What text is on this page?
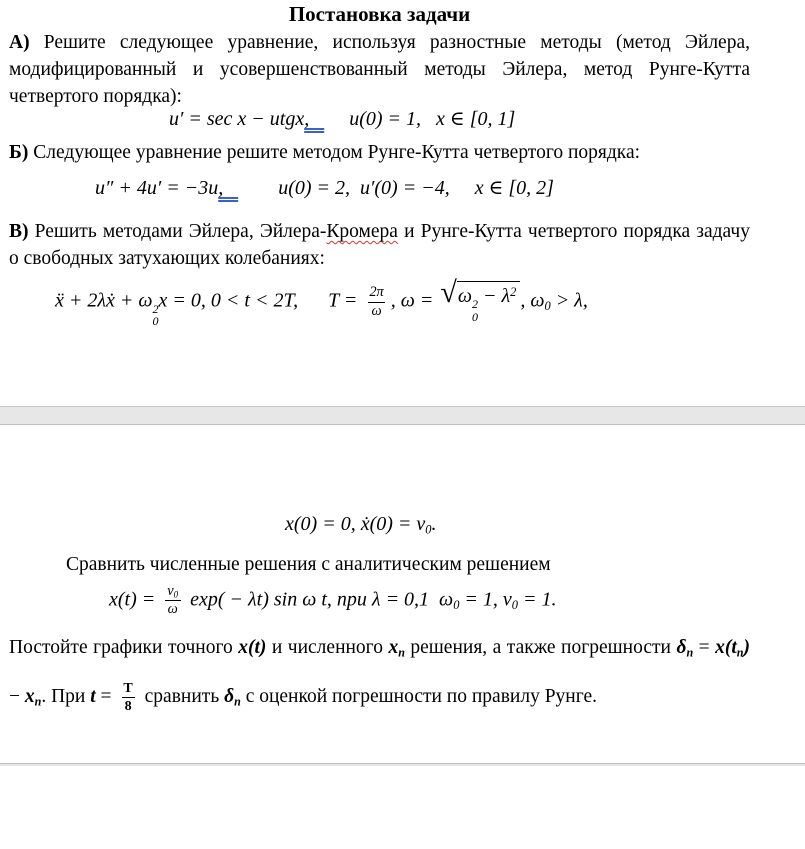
Постановка задачи

А) Решите следующее уравнение, используя разностные методы (метод Эйлера, модифицированный и усовершенствованный методы Эйлера, метод Рунге-Кутта четвертого порядка):

u′ = sec x − utgx,        u(0) = 1,   x ∈ [0, 1]

Б) Следующее уравнение решите методом Рунге-Кутта четвертого порядка:

u″ + 4u′ = −3u,           u(0) = 2,  u′(0) = −4,     x ∈ [0, 2]

В) Решить методами Эйлера, Эйлера-Кромера и Рунге-Кутта четвертого порядка задачу о свободных затухающих колебаниях:

ẍ + 2λẋ + ω 2
0
x = 0, 0 < t < 2T,      $T = \frac{2\pi}{\omega}$ , ω = √ ω 2
0
− $\lambda^2$ , $\omega_0 > \lambda$,
x(0) = 0, ẋ(0) = $v_0$.

Сравнить численные решения с аналитическим решением

$x(t) = \frac{v_0}{\omega} \exp( - \lambda t)$ sin ω t, при λ = 0,1  $\omega_0 = 1$, $v_0 = 1$.

Постойте графики точного x(t) и численного $x_n$ решения, а также погрешности $\delta_n = x(t_n) - x_n$. При $t = \frac{T}{8}$ сравнить $\delta_n$ с оценкой погрешности по правилу Рунге.
